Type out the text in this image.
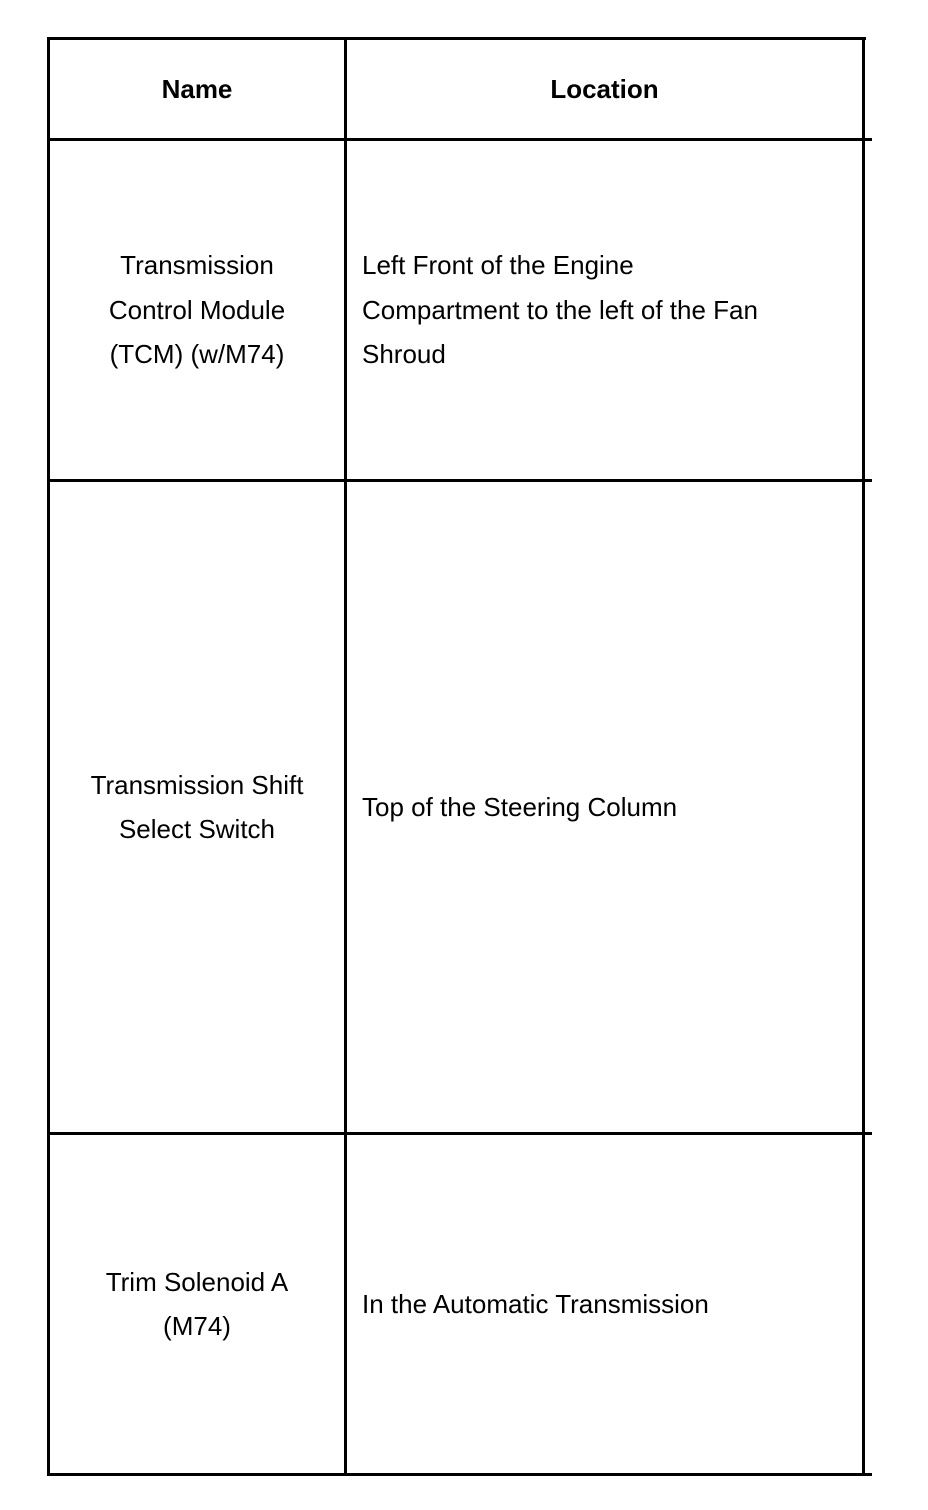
Name	Location
Transmission
Control Module
(TCM) (w/M74)
Left Front of the Engine
Compartment to the left of the Fan
Shroud
Transmission Shift
Select Switch
Top of the Steering Column
Trim Solenoid A
(M74)
In the Automatic Transmission
